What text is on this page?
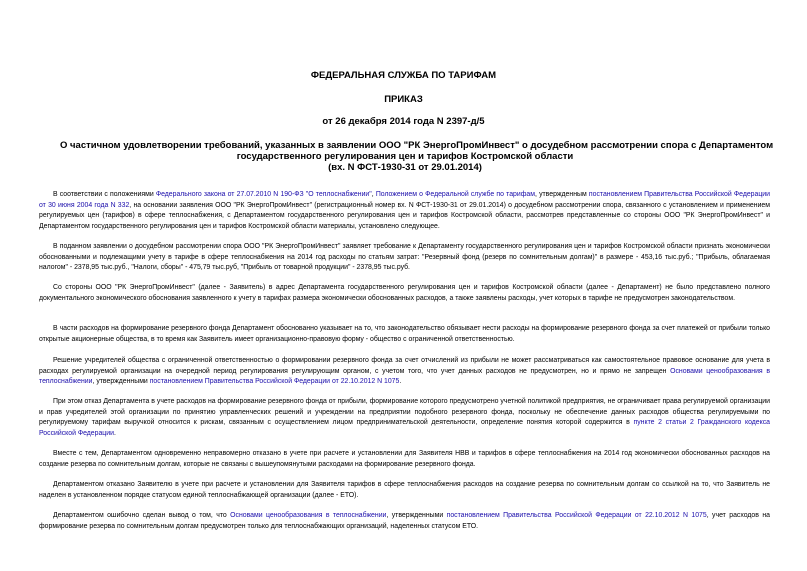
ФЕДЕРАЛЬНАЯ СЛУЖБА ПО ТАРИФАМ
ПРИКАЗ
от 26 декабря 2014 года N 2397-д/5
О частичном удовлетворении требований, указанных в заявлении ООО "РК ЭнергоПромИнвест" о досудебном рассмотрении спора с Департаментом
государственного регулирования цен и тарифов Костромской области
(вх. N ФСТ-1930-31 от 29.01.2014)

В соответствии с положениями Федерального закона от 27.07.2010 N 190-ФЗ "О теплоснабжении", Положением о Федеральной службе по тарифам, утвержденным постановлением Правительства Российской Федерации от 30 июня 2004 года N 332, на основании заявления ООО "РК ЭнергоПромИнвест" (регистрационный номер вх. N ФСТ-1930-31 от 29.01.2014) о досудебном рассмотрении спора, связанного с установлением и применением регулируемых цен (тарифов) в сфере теплоснабжения, с Департаментом государственного регулирования цен и тарифов Костромской области, рассмотрев представленные со стороны ООО "РК ЭнергоПромИнвест" и Департаментом государственного регулирования цен и тарифов Костромской области материалы, установлено следующее.

В поданном заявлении о досудебном рассмотрении спора ООО "РК ЭнергоПромИнвест" заявляет требование к Департаменту государственного регулирования цен и тарифов Костромской области признать экономически обоснованными и подлежащими учету в тарифе в сфере теплоснабжения на 2014 год расходы по статьям затрат: "Резервный фонд (резерв по сомнительным долгам)" в размере - 453,16 тыс.руб.; "Прибыль, облагаемая налогом" - 2378,95 тыс.руб., "Налоги, сборы" - 475,79 тыс.руб, "Прибыль от товарной продукции" - 2378,95 тыс.руб.

Со стороны ООО "РК ЭнергоПромИнвест" (далее - Заявитель) в адрес Департамента государственного регулирования цен и тарифов Костромской области (далее - Департамент) не было представлено полного документального экономического обоснования заявленного к учету в тарифах размера экономически обоснованных расходов, а также заявлены расходы, учет которых в тарифе не предусмотрен законодательством.

В части расходов на формирование резервного фонда Департамент обоснованно указывает на то, что законодательство обязывает нести расходы на формирование резервного фонда за счет платежей от прибыли только открытые акционерные общества, в то время как Заявитель имеет организационно-правовую форму - общество с ограниченной ответственностью.

Решение учредителей общества с ограниченной ответственностью о формировании резервного фонда за счет отчислений из прибыли не может рассматриваться как самостоятельное правовое основание для учета в расходах регулируемой организации на очередной период регулирования регулирующим органом, с учетом того, что учет данных расходов не предусмотрен, но и прямо не запрещен Основами ценообразования в теплоснабжении, утвержденными постановлением Правительства Российской Федерации от 22.10.2012 N 1075.

При этом отказ Департамента в учете расходов на формирование резервного фонда от прибыли, формирование которого предусмотрено учетной политикой предприятия, не ограничивает права регулируемой организации и прав учредителей этой организации по принятию управленческих решений и учреждении на предприятии подобного резервного фонда, поскольку не обеспечение данных расходов общества регулируемыми по регулируемому тарифам выручкой относится к рискам, связанным с осуществлением лицом предпринимательской деятельности, определение понятия которой содержится в пункте 2 статьи 2 Гражданского кодекса Российской Федерации.

Вместе с тем, Департаментом одновременно неправомерно отказано в учете при расчете и установлении для Заявителя НВВ и тарифов в сфере теплоснабжения на 2014 год экономически обоснованных расходов на создание резерва по сомнительным долгам, которые не связаны с вышеупомянутыми расходами на формирование резервного фонда.

Департаментом отказано Заявителю в учете при расчете и установлении для Заявителя тарифов в сфере теплоснабжения расходов на создание резерва по сомнительным долгам со ссылкой на то, что Заявитель не наделен в установленном порядке статусом единой теплоснабжающей организации (далее - ЕТО).

Департаментом ошибочно сделан вывод о том, что Основами ценообразования в теплоснабжении, утвержденными постановлением Правительства Российской Федерации от 22.10.2012 N 1075, учет расходов на формирование резерва по сомнительным долгам предусмотрен только для теплоснабжающих организаций, наделенных статусом ЕТО.
